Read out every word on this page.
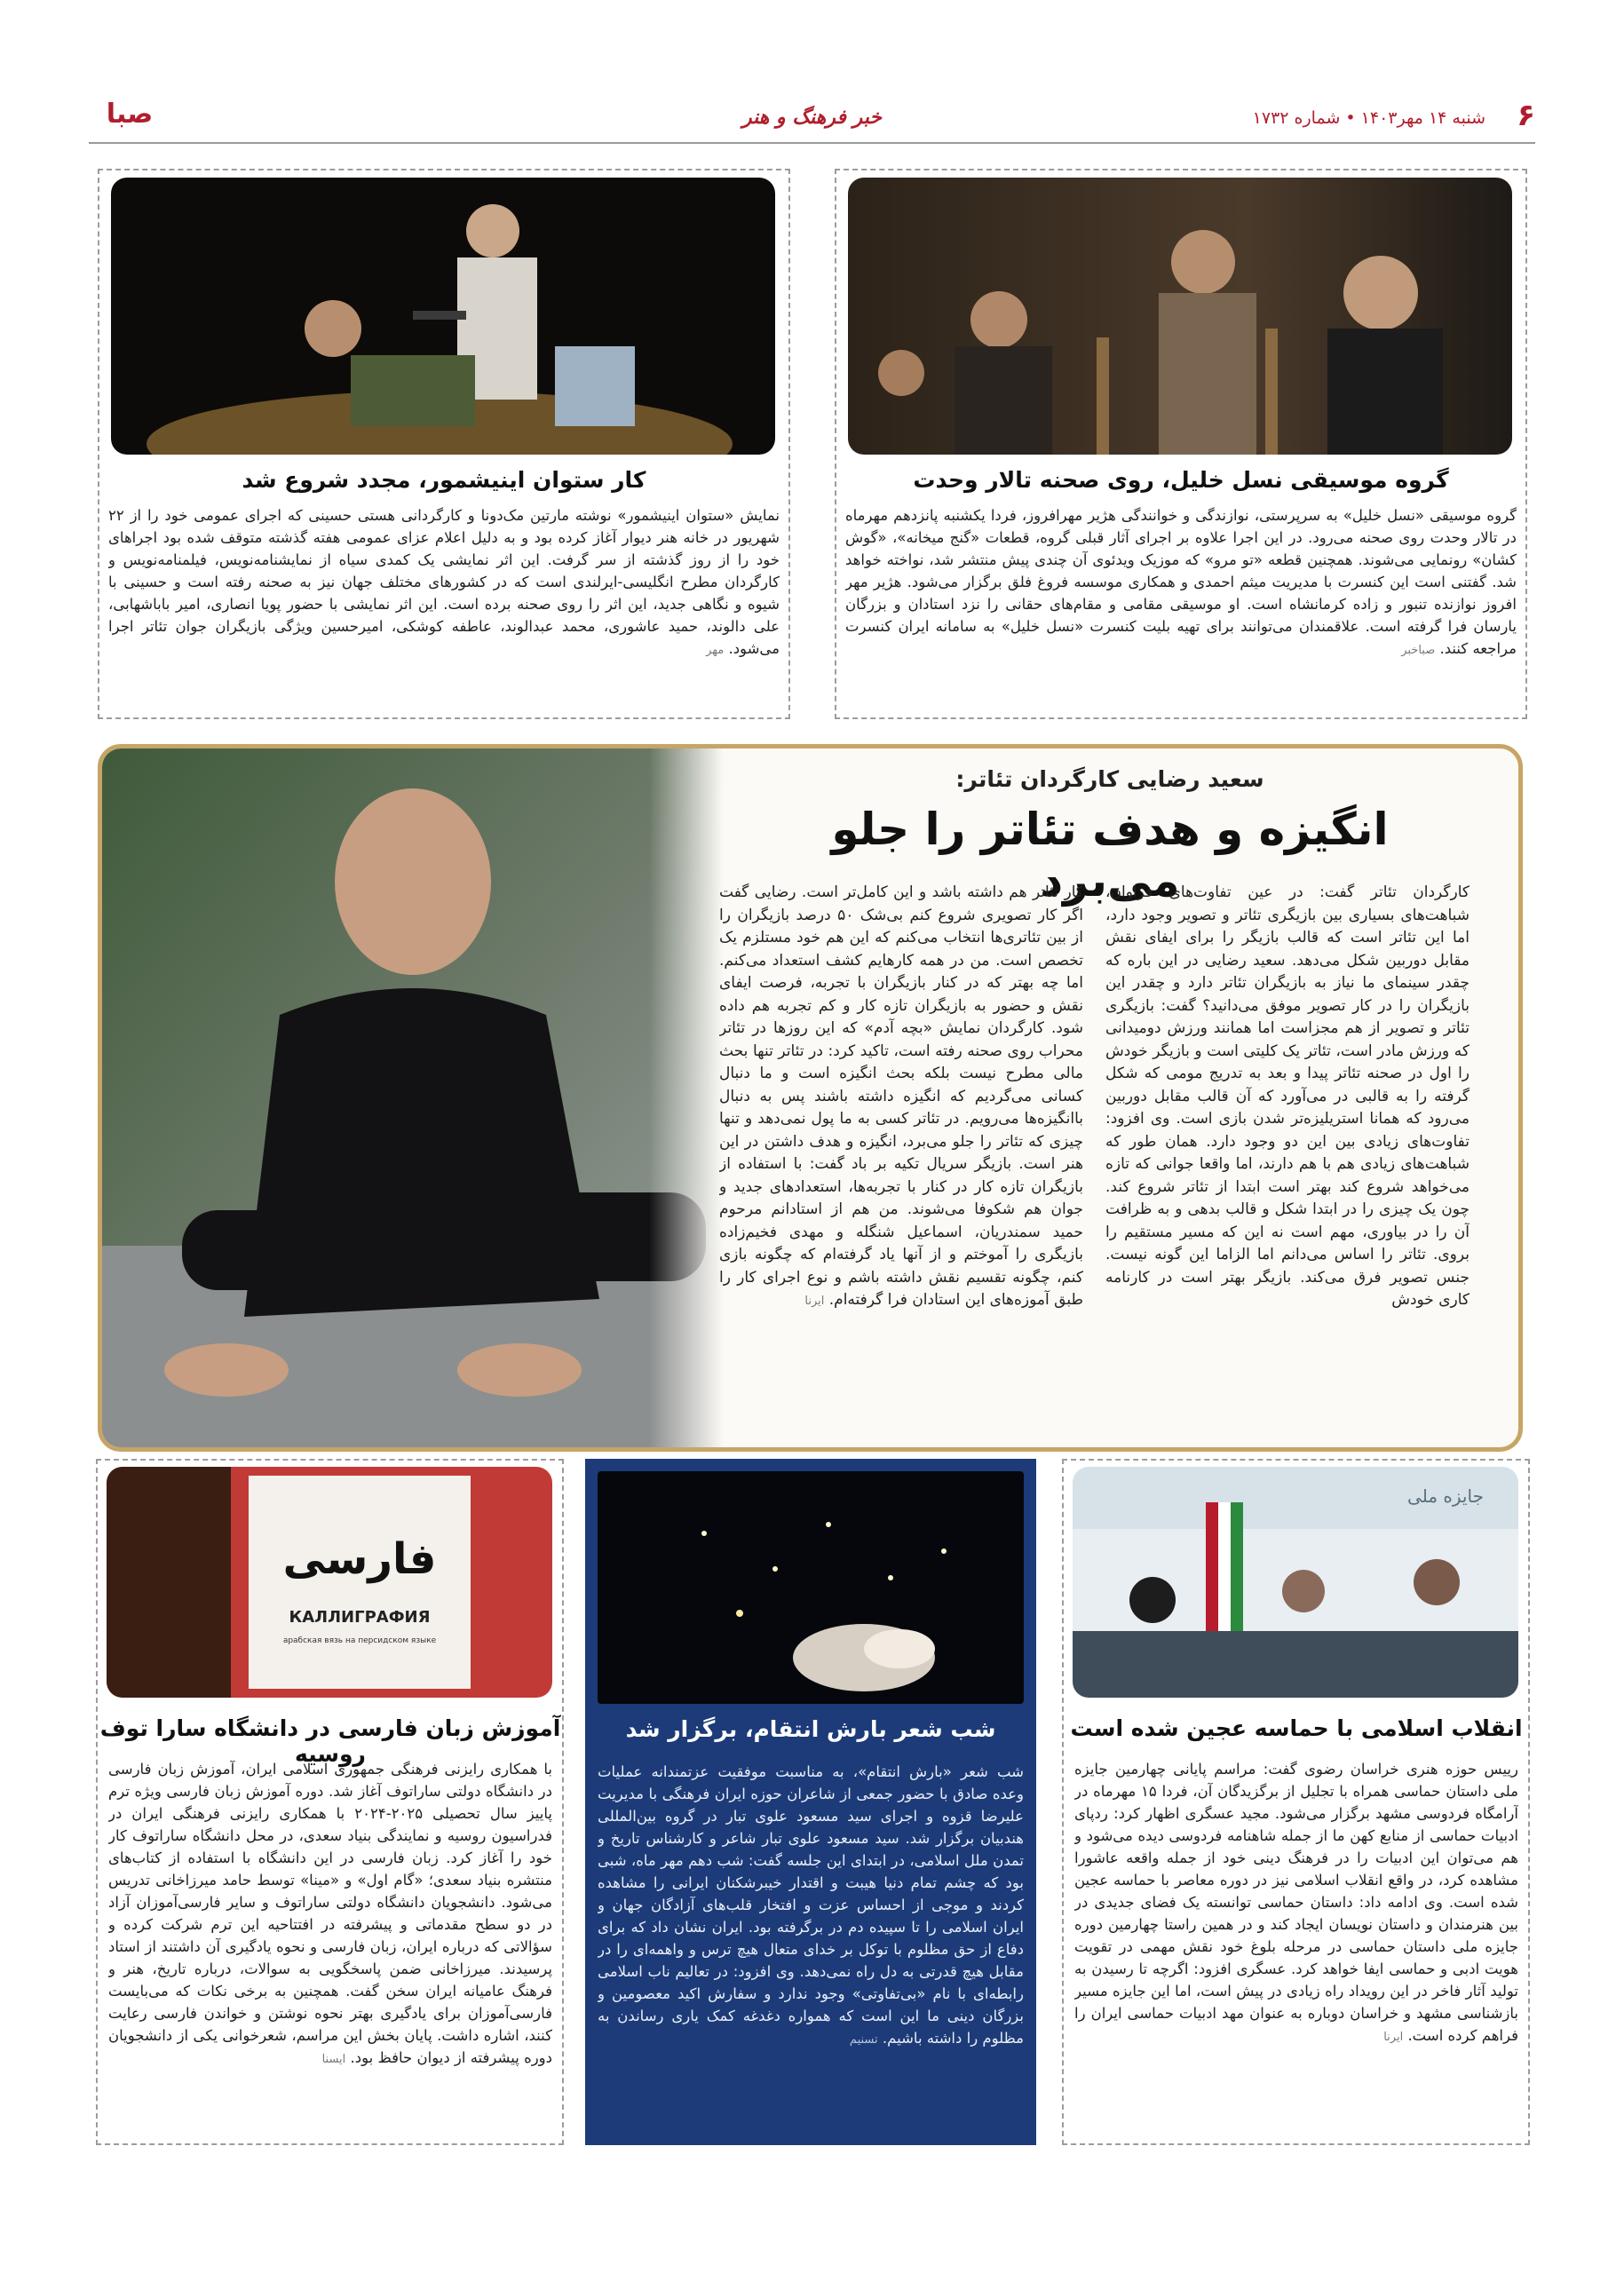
۶
شنبه ۱۴ مهر۱۴۰۳ • شماره ۱۷۳۲
خبر فرهنگ و هنر
صبا
گروه موسیقی نسل خلیل، روی صحنه تالار وحدت
گروه موسیقی «نسل خلیل» به سرپرستی، نوازندگی و خوانندگی هژیر مهرافروز، فردا یکشنبه پانزدهم مهرماه در تالار وحدت روی صحنه می‌رود. در این اجرا علاوه بر اجرای آثار قبلی گروه، قطعات «گنج میخانه»، «گوش کشان» رونمایی می‌شوند. همچنین قطعه «تو مرو» که موزیک ویدئوی آن چندی پیش منتشر شد، نواخته خواهد شد. گفتنی است این کنسرت با مدیریت میثم احمدی و همکاری موسسه فروغ فلق برگزار می‌شود. هژیر مهر افروز نوازنده تنبور و زاده کرمانشاه است. او موسیقی مقامی و مقام‌های حقانی را نزد استادان و بزرگان یارسان فرا گرفته است. علاقمندان می‌توانند برای تهیه بلیت کنسرت «نسل خلیل» به سامانه ایران کنسرت مراجعه کنند. صباخبر
کار ستوان اینیشمور، مجدد شروع شد
نمایش «ستوان اینیشمور» نوشته مارتین مک‌دونا و کارگردانی هستی حسینی که اجرای عمومی خود را از ۲۲ شهریور در خانه هنر دیوار آغاز کرده بود و به دلیل اعلام عزای عمومی هفته گذشته متوقف شده بود اجراهای خود را از روز گذشته از سر گرفت. این اثر نمایشی یک کمدی سیاه از نمایشنامه‌نویس، فیلمنامه‌نویس و کارگردان مطرح انگلیسی-ایرلندی است که در کشورهای مختلف جهان نیز به صحنه رفته است و حسینی با شیوه و نگاهی جدید، این اثر را روی صحنه برده است. این اثر نمایشی با حضور پویا انصاری، امیر باباشهابی، علی دالوند، حمید عاشوری، محمد عبدالوند، عاطفه کوشکی، امیرحسین ویژگی بازیگران جوان تئاتر اجرا می‌شود. مهر
سعید رضایی کارگردان تئاتر:
انگیزه و هدف تئاتر را جلو می‌برد
کارگردان تئاتر گفت: در عین تفاوت‌های فراوان، شباهت‌های بسیاری بین بازیگری تئاتر و تصویر وجود دارد، اما این تئاتر است که قالب بازیگر را برای ایفای نقش مقابل دوربین شکل می‌دهد. سعید رضایی در این باره که چقدر سینمای ما نیاز به بازیگران تئاتر دارد و چقدر این بازیگران را در کار تصویر موفق می‌دانید؟ گفت: بازیگری تئاتر و تصویر از هم مجزاست اما همانند ورزش دومیدانی که ورزش مادر است، تئاتر یک کلیتی است و بازیگر خودش را اول در صحنه تئاتر پیدا و بعد به تدریج مومی که شکل گرفته را به قالبی در می‌آورد که آن قالب مقابل دوربین می‌رود که همانا استریلیزه‌تر شدن بازی است. وی افزود: تفاوت‌های زیادی بین این دو وجود دارد. همان طور که شباهت‌های زیادی هم با هم دارند، اما واقعا جوانی که تازه می‌خواهد شروع کند بهتر است ابتدا از تئاتر شروع کند. چون یک چیزی را در ابتدا شکل و قالب بدهی و به ظرافت آن را در بیاوری، مهم است نه این که مسیر مستقیم را بروی. تئاتر را اساس می‌دانم اما الزاما این گونه نیست. جنس تصویر فرق می‌کند. بازیگر بهتر است در کارنامه کاری خودش
کار تئاتر هم داشته باشد و این کامل‌تر است. رضایی گفت اگر کار تصویری شروع کنم بی‌شک ۵۰ درصد بازیگران را از بین تئاتری‌ها انتخاب می‌کنم که این هم خود مستلزم یک تخصص است. من در همه کارهایم کشف استعداد می‌کنم. اما چه بهتر که در کنار بازیگران با تجربه، فرصت ایفای نقش و حضور به بازیگران تازه کار و کم تجربه هم داده شود. کارگردان نمایش «بچه آدم» که این روزها در تئاتر محراب روی صحنه رفته است، تاکید کرد: در تئاتر تنها بحث مالی مطرح نیست بلکه بحث انگیزه است و ما دنبال کسانی می‌گردیم که انگیزه داشته باشند پس به دنبال باانگیزه‌ها می‌رویم. در تئاتر کسی به ما پول نمی‌دهد و تنها چیزی که تئاتر را جلو می‌برد، انگیزه و هدف داشتن در این هنر است. بازیگر سریال تکیه بر باد گفت: با استفاده از بازیگران تازه کار در کنار با تجربه‌ها، استعدادهای جدید و جوان هم شکوفا می‌شوند. من هم از استادانم مرحوم حمید سمندریان، اسماعیل شنگله و مهدی فخیم‌زاده بازیگری را آموختم و از آنها یاد گرفته‌ام که چگونه بازی کنم، چگونه تقسیم نقش داشته باشم و نوع اجرای کار را طبق آموزه‌های این استادان فرا گرفته‌ام. ایرنا
جایزه ملی
انقلاب اسلامی با حماسه عجین شده است
رییس حوزه هنری خراسان رضوی گفت: مراسم پایانی چهارمین جایزه ملی داستان حماسی همراه با تجلیل از برگزیدگان آن، فردا ۱۵ مهرماه در آرامگاه فردوسی مشهد برگزار می‌شود. مجید عسگری اظهار کرد: ردپای ادبیات حماسی از منابع کهن ما از جمله شاهنامه فردوسی دیده می‌شود و هم می‌توان این ادبیات را در فرهنگ دینی خود از جمله واقعه عاشورا مشاهده کرد، در واقع انقلاب اسلامی نیز در دوره معاصر با حماسه عجین شده است. وی ادامه داد: داستان حماسی توانسته یک فضای جدیدی در بین هنرمندان و داستان نویسان ایجاد کند و در همین راستا چهارمین دوره جایزه ملی داستان حماسی در مرحله بلوغ خود نقش مهمی در تقویت هویت ادبی و حماسی ایفا خواهد کرد. عسگری افزود: اگرچه تا رسیدن به تولید آثار فاخر در این رویداد راه زیادی در پیش است، اما این جایزه مسیر بازشناسی مشهد و خراسان دوباره به عنوان مهد ادبیات حماسی ایران را فراهم کرده است. ایرنا
شب شعر بارش انتقام، برگزار شد
شب شعر «بارش انتقام»، به مناسبت موفقیت عزتمندانه عملیات وعده صادق با حضور جمعی از شاعران حوزه ایران فرهنگی با مدیریت علیرضا قزوه و اجرای سید مسعود علوی تبار در گروه بین‌المللی هندبیان برگزار شد. سید مسعود علوی تبار شاعر و کارشناس تاریخ و تمدن ملل اسلامی، در ابتدای این جلسه گفت: شب دهم مهر ماه، شبی بود که چشم تمام دنیا هیبت و اقتدار خیبرشکنان ایرانی را مشاهده کردند و موجی از احساس عزت و افتخار قلب‌های آزادگان جهان و ایران اسلامی را تا سپیده دم در برگرفته بود. ایران نشان داد که برای دفاع از حق مظلوم با توکل بر خدای متعال هیچ ترس و واهمه‌ای را در مقابل هیچ قدرتی به دل راه نمی‌دهد. وی افزود: در تعالیم ناب اسلامی رابطه‌ای با نام «بی‌تفاوتی» وجود ندارد و سفارش اکید معصومین و بزرگان دینی ما این است که همواره دغدغه کمک یاری رساندن به مظلوم را داشته باشیم. تسنیم
فارسی
КАЛЛИГРАФИЯ
арабская вязь на персидском языке
آموزش زبان فارسی در دانشگاه سارا توف روسیه
با همکاری رایزنی فرهنگی جمهوری اسلامی ایران، آموزش زبان فارسی در دانشگاه دولتی ساراتوف آغاز شد. دوره آموزش زبان فارسی ویژه ترم پاییز سال تحصیلی ۲۰۲۵-۲۰۲۴ با همکاری رایزنی فرهنگی ایران در فدراسیون روسیه و نمایندگی بنیاد سعدی، در محل دانشگاه ساراتوف کار خود را آغاز کرد. زبان فارسی در این دانشگاه با استفاده از کتاب‌های منتشره بنیاد سعدی؛ «گام اول» و «مینا» توسط حامد میرزاخانی تدریس می‌شود. دانشجویان دانشگاه دولتی ساراتوف و سایر فارسی‌آموزان آزاد در دو سطح مقدماتی و پیشرفته در افتتاحیه این ترم شرکت کرده و سؤالاتی که درباره ایران، زبان فارسی و نحوه یادگیری آن داشتند از استاد پرسیدند. میرزاخانی ضمن پاسخگویی به سوالات، درباره تاریخ، هنر و فرهنگ عامیانه ایران سخن گفت. همچنین به برخی نکات که می‌بایست فارسی‌آموزان برای یادگیری بهتر نحوه نوشتن و خواندن فارسی رعایت کنند، اشاره داشت. پایان بخش این مراسم، شعرخوانی یکی از دانشجویان دوره پیشرفته از دیوان حافظ بود. ایسنا
